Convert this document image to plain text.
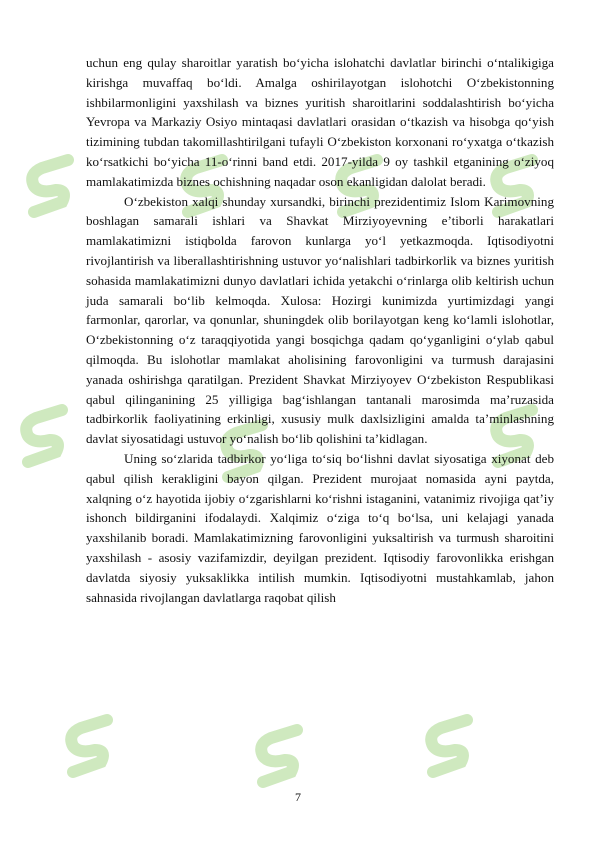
uchun eng qulay sharoitlar yaratish bo‘yicha islohatchi davlatlar birinchi o‘ntalikigiga kirishga muvaffaq bo‘ldi. Amalga oshirilayotgan islohotchi O‘zbekistonning ishbilarmonligini yaxshilash va biznes yuritish sharoitlarini soddalashtirish bo‘yicha Yevropa va Markaziy Osiyo mintaqasi davlatlari orasidan o‘tkazish va hisobga qo‘yish tizimining tubdan takomillashtirilgani tufayli O‘zbekiston korxonani ro‘yxatga o‘tkazish ko‘rsatkichi bo‘yicha 11-o‘rinni band etdi. 2017-yilda 9 oy tashkil etganining o‘ziyoq mamlakatimizda biznes ochishning naqadar oson ekanligidan dalolat beradi.

O‘zbekiston xalqi shunday xursandki, birinchi prezidentimiz Islom Karimovning boshlagan samarali ishlari va Shavkat Mirziyoyevning e’tiborli harakatlari mamlakatimizni istiqbolda farovon kunlarga yo‘l yetkazmoqda. Iqtisodiyotni rivojlantirish va liberallashtirishning ustuvor yo‘nalishlari tadbirkorlik va biznes yuritish sohasida mamlakatimizni dunyo davlatlari ichida yetakchi o‘rinlarga olib keltirish uchun juda samarali bo‘lib kelmoqda. Xulosa: Hozirgi kunimizda yurtimizdagi yangi farmonlar, qarorlar, va qonunlar, shuningdek olib borilayotgan keng ko‘lamli islohotlar, O‘zbekistonning o‘z taraqqiyotida yangi bosqichga qadam qo‘yganligini o‘ylab qabul qilmoqda. Bu islohotlar mamlakat aholisining farovonligini va turmush darajasini yanada oshirishga qaratilgan. Prezident Shavkat Mirziyoyev O‘zbekiston Respublikasi qabul qilinganining 25 yilligiga bag‘ishlangan tantanali marosimda ma’ruzasida tadbirkorlik faoliyatining erkinligi, xususiy mulk daxlsizligini amalda ta’minlashning davlat siyosatidagi ustuvor yo‘nalish bo‘lib qolishini ta’kidlagan.

Uning so‘zlarida tadbirkor yo‘liga to‘siq bo‘lishni davlat siyosatiga xiyonat deb qabul qilish kerakligini bayon qilgan. Prezident murojaat nomasida ayni paytda, xalqning o‘z hayotida ijobiy o‘zgarishlarni ko‘rishni istaganini, vatanimiz rivojiga qat’iy ishonch bildirganini ifodalaydi. Xalqimiz o‘ziga to‘q bo‘lsa, uni kelajagi yanada yaxshilanib boradi. Mamlakatimizning farovonligini yuksaltirish va turmush sharoitini yaxshilash - asosiy vazifamizdir, deyilgan prezident. Iqtisodiy farovonlikka erishgan davlatda siyosiy yuksaklikka intilish mumkin. Iqtisodiyotni mustahkamlab, jahon sahnasida rivojlangan davlatlarga raqobat qilish

7
